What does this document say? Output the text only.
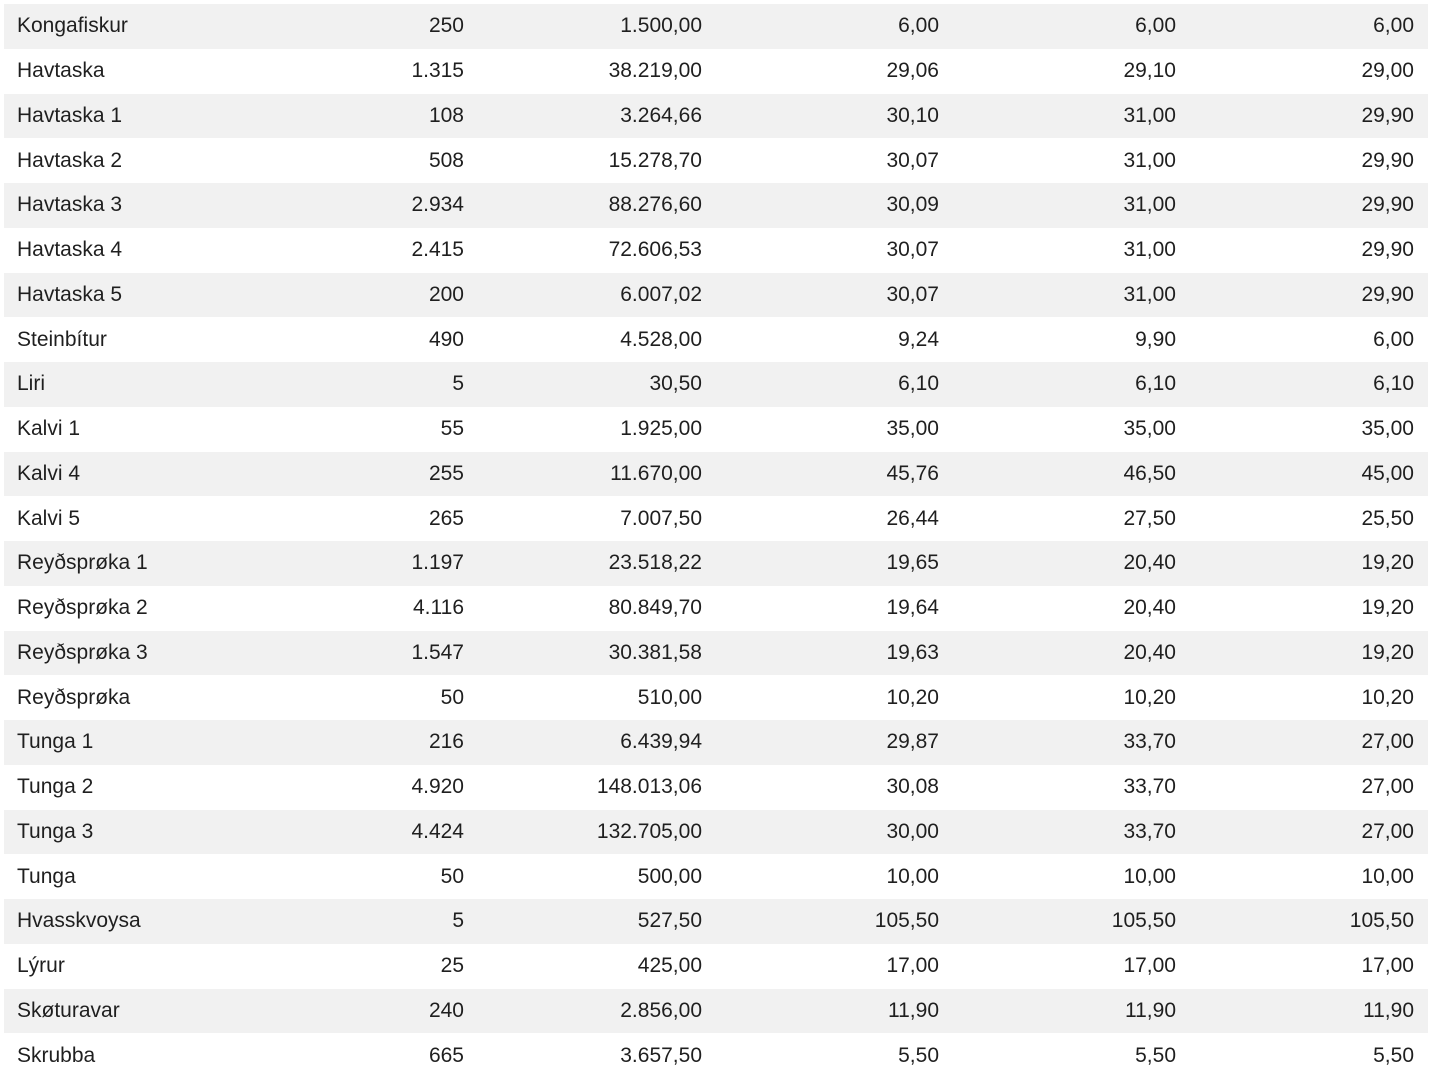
Kongafiskur	250	1.500,00	6,00	6,00	6,00
Havtaska	1.315	38.219,00	29,06	29,10	29,00
Havtaska 1	108	3.264,66	30,10	31,00	29,90
Havtaska 2	508	15.278,70	30,07	31,00	29,90
Havtaska 3	2.934	88.276,60	30,09	31,00	29,90
Havtaska 4	2.415	72.606,53	30,07	31,00	29,90
Havtaska 5	200	6.007,02	30,07	31,00	29,90
Steinbítur	490	4.528,00	9,24	9,90	6,00
Liri	5	30,50	6,10	6,10	6,10
Kalvi 1	55	1.925,00	35,00	35,00	35,00
Kalvi 4	255	11.670,00	45,76	46,50	45,00
Kalvi 5	265	7.007,50	26,44	27,50	25,50
Reyðsprøka 1	1.197	23.518,22	19,65	20,40	19,20
Reyðsprøka 2	4.116	80.849,70	19,64	20,40	19,20
Reyðsprøka 3	1.547	30.381,58	19,63	20,40	19,20
Reyðsprøka	50	510,00	10,20	10,20	10,20
Tunga 1	216	6.439,94	29,87	33,70	27,00
Tunga 2	4.920	148.013,06	30,08	33,70	27,00
Tunga 3	4.424	132.705,00	30,00	33,70	27,00
Tunga	50	500,00	10,00	10,00	10,00
Hvasskvoysa	5	527,50	105,50	105,50	105,50
Lýrur	25	425,00	17,00	17,00	17,00
Skøturavar	240	2.856,00	11,90	11,90	11,90
Skrubba	665	3.657,50	5,50	5,50	5,50
